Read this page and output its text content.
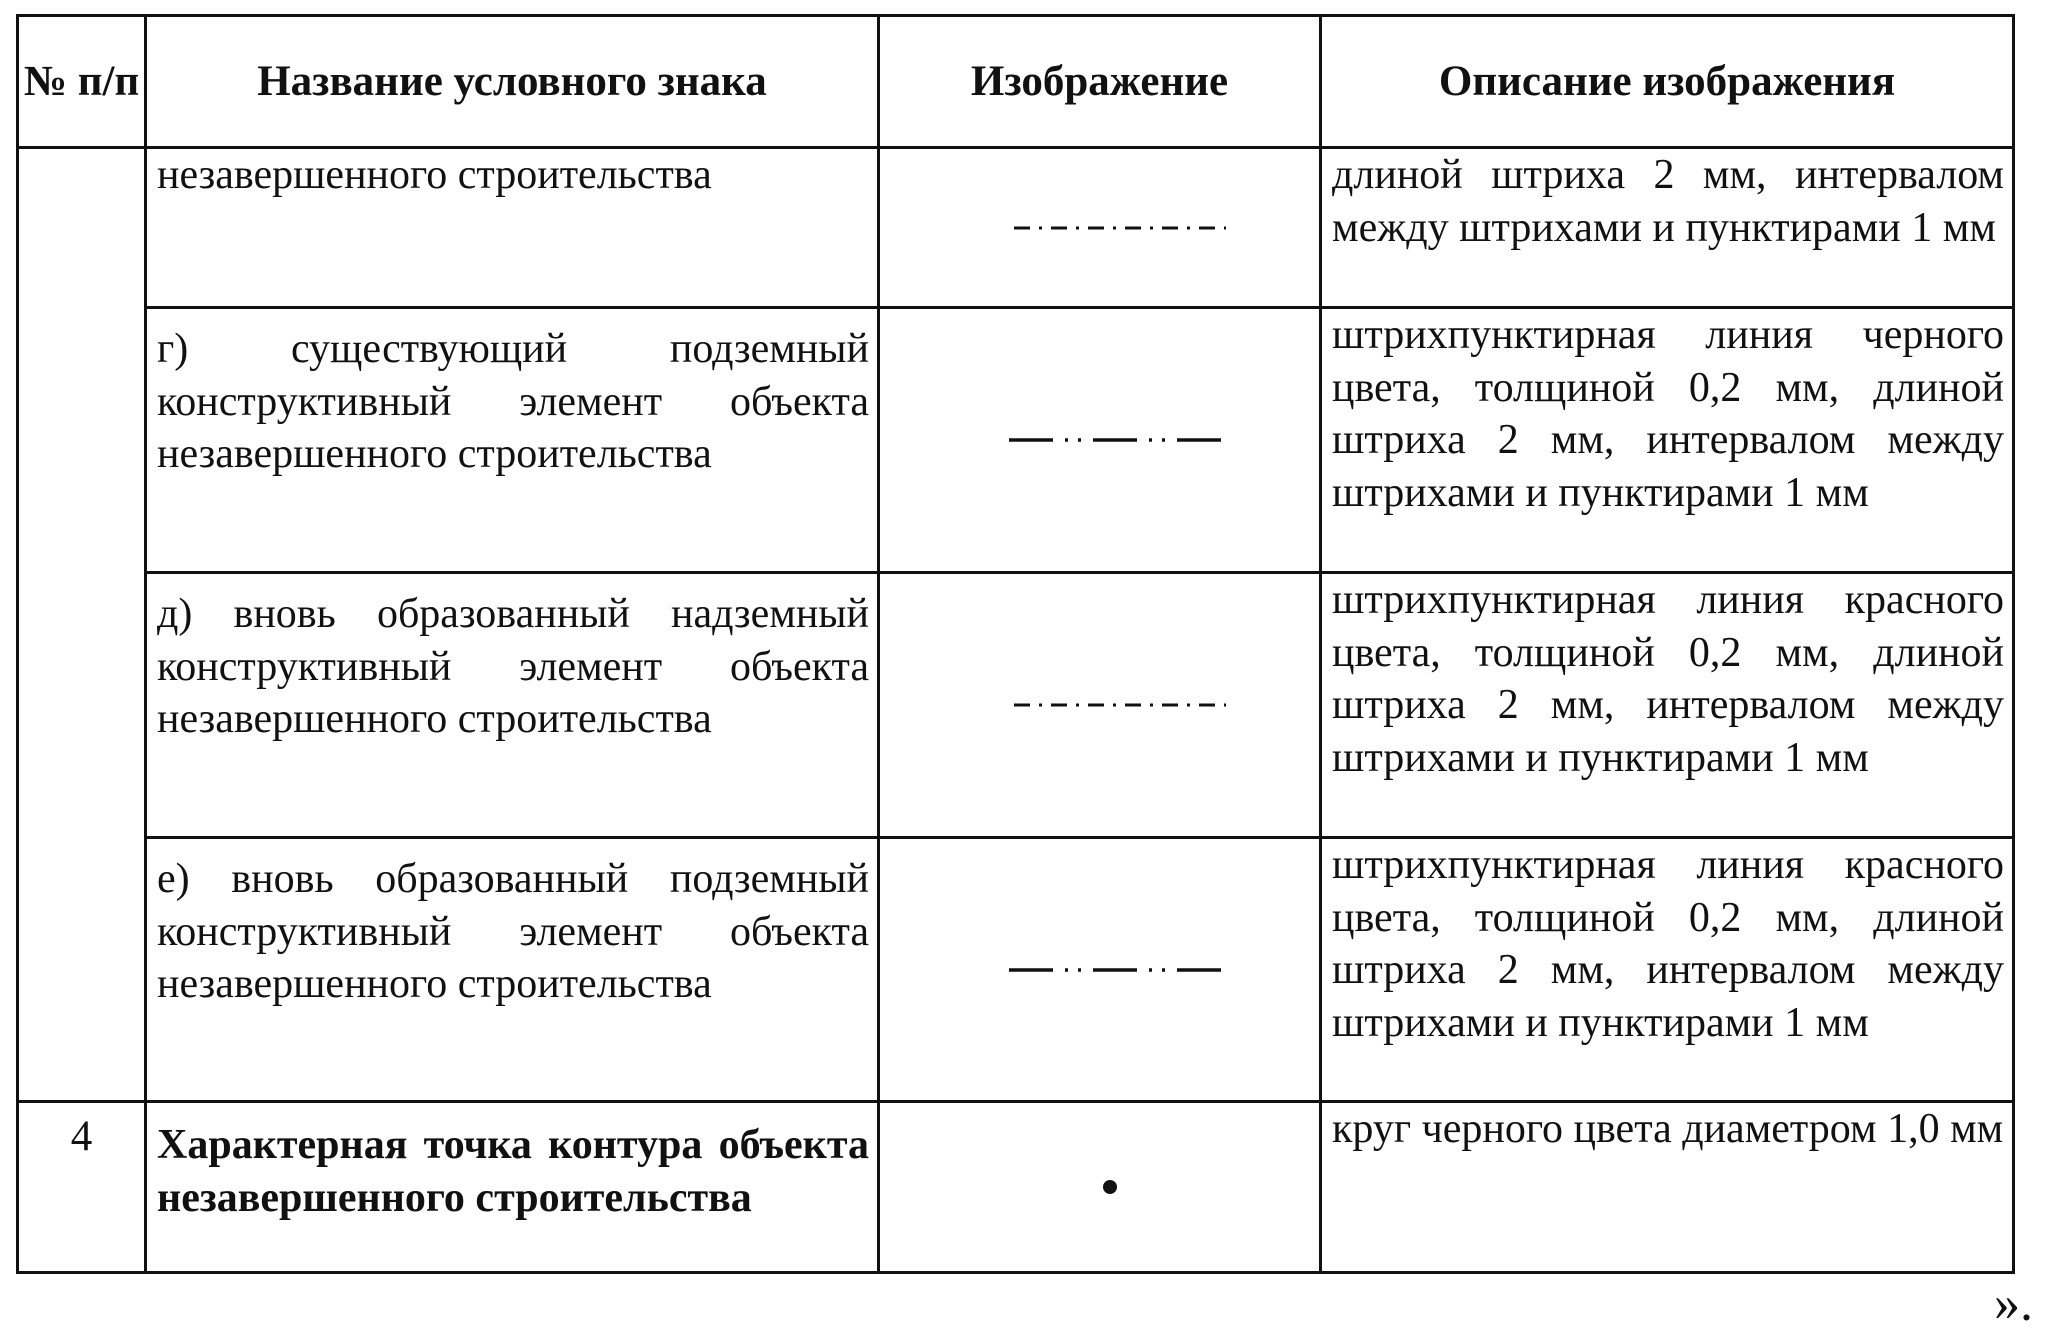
№ п/п	Название условного знака	Изображение	Описание изображения
	незавершенного строительства		длиной штриха 2 мм, интервалом между штрихами и пунктирами 1 мм
	г) существующий подземный конструктивный элемент объекта незавершенного строительства		штрихпунктирная линия черного цвета, толщиной 0,2 мм, длиной штриха 2 мм, интервалом между штрихами и пунктирами 1 мм
	д) вновь образованный надземный конструктивный элемент объекта незавершенного строительства		штрихпунктирная линия красного цвета, толщиной 0,2 мм, длиной штриха 2 мм, интервалом между штрихами и пунктирами 1 мм
	е) вновь образованный подземный конструктивный элемент объекта незавершенного строительства		штрихпунктирная линия красного цвета, толщиной 0,2 мм, длиной штриха 2 мм, интервалом между штрихами и пунктирами 1 мм
4	Характерная точка контура объекта незавершенного строительства		круг черного цвета диаметром 1,0 мм
».
